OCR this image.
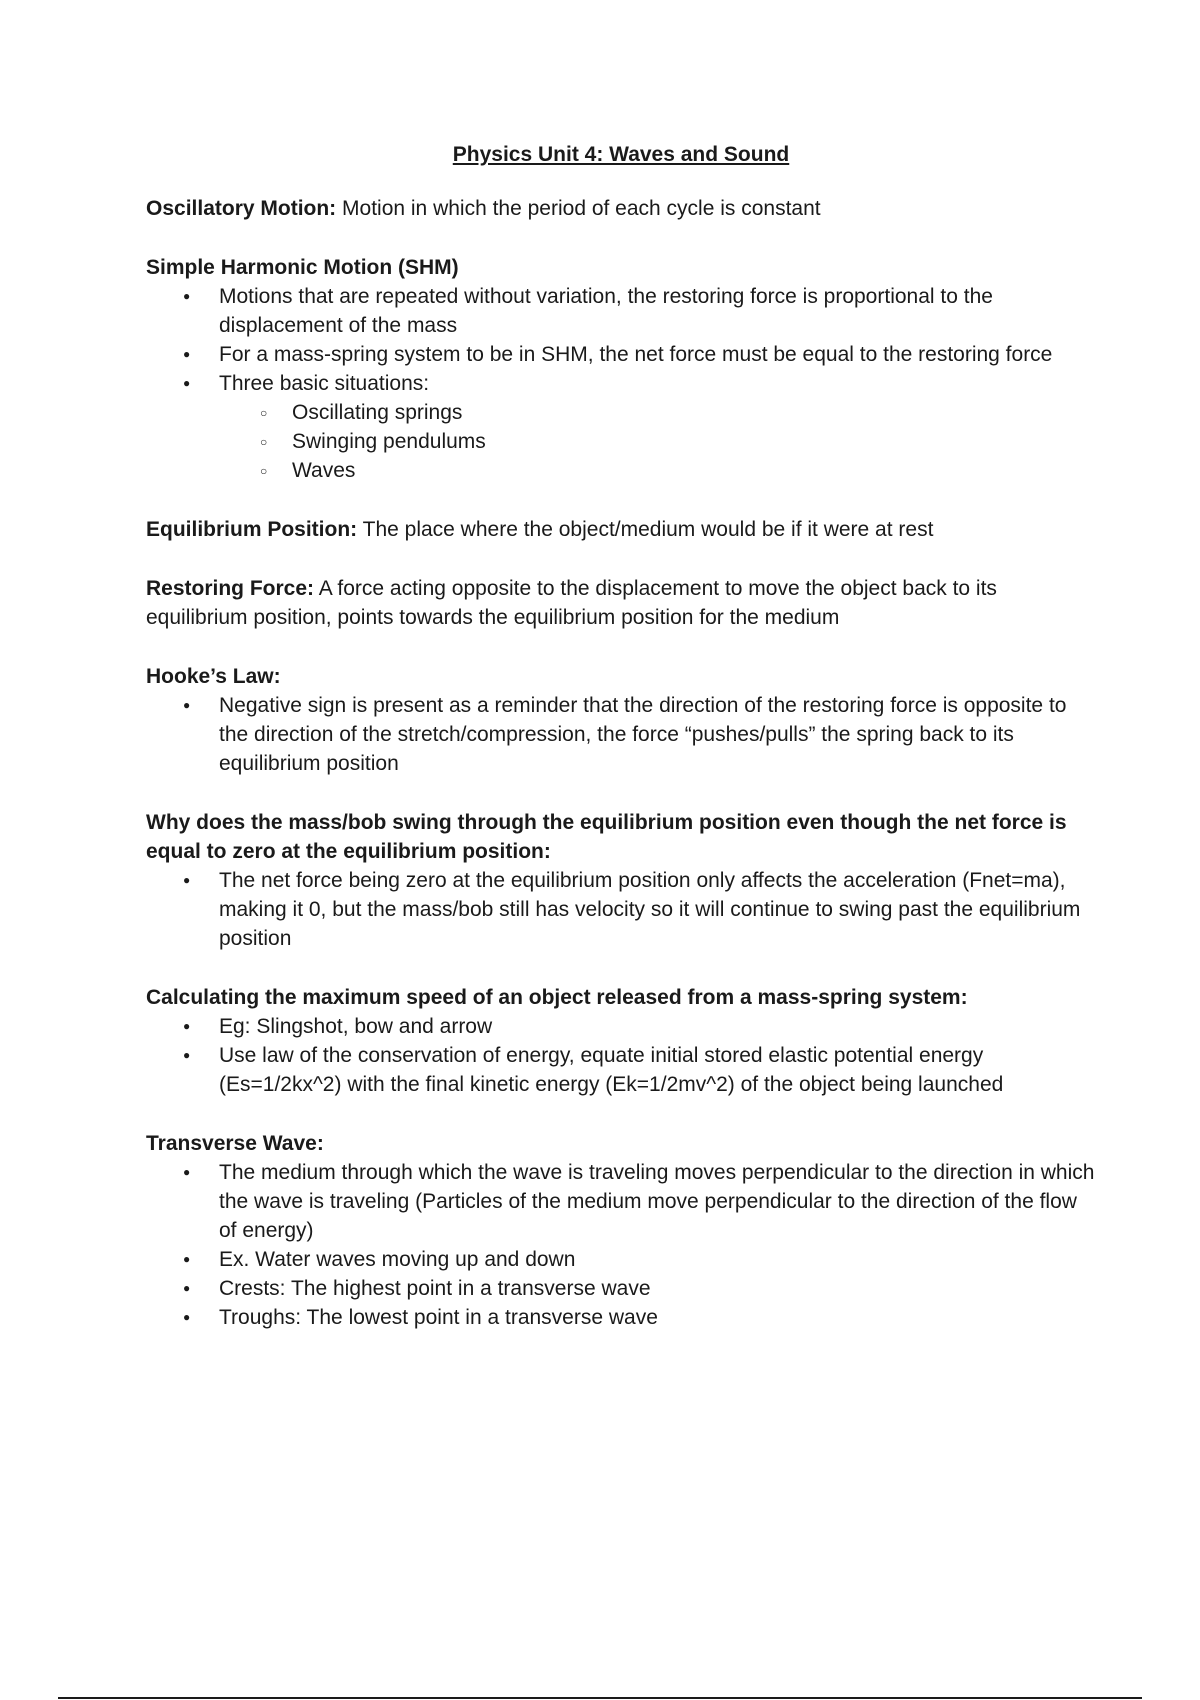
Physics Unit 4: Waves and Sound

Oscillatory Motion: Motion in which the period of each cycle is constant

Simple Harmonic Motion (SHM)

● Motions that are repeated without variation, the restoring force is proportional to the displacement of the mass
● For a mass-spring system to be in SHM, the net force must be equal to the restoring force
● Three basic situations:
○ Oscillating springs
○ Swinging pendulums
○ Waves

Equilibrium Position: The place where the object/medium would be if it were at rest

Restoring Force: A force acting opposite to the displacement to move the object back to its equilibrium position, points towards the equilibrium position for the medium

Hooke’s Law:

● Negative sign is present as a reminder that the direction of the restoring force is opposite to the direction of the stretch/compression, the force “pushes/pulls” the spring back to its equilibrium position

Why does the mass/bob swing through the equilibrium position even though the net force is equal to zero at the equilibrium position:

● The net force being zero at the equilibrium position only affects the acceleration (Fnet=ma), making it 0, but the mass/bob still has velocity so it will continue to swing past the equilibrium position

Calculating the maximum speed of an object released from a mass-spring system:

● Eg: Slingshot, bow and arrow
● Use law of the conservation of energy, equate initial stored elastic potential energy (Es=1/2kx^2) with the final kinetic energy (Ek=1/2mv^2) of the object being launched

Transverse Wave:

● The medium through which the wave is traveling moves perpendicular to the direction in which the wave is traveling (Particles of the medium move perpendicular to the direction of the flow of energy)
● Ex. Water waves moving up and down
● Crests: The highest point in a transverse wave
● Troughs: The lowest point in a transverse wave
